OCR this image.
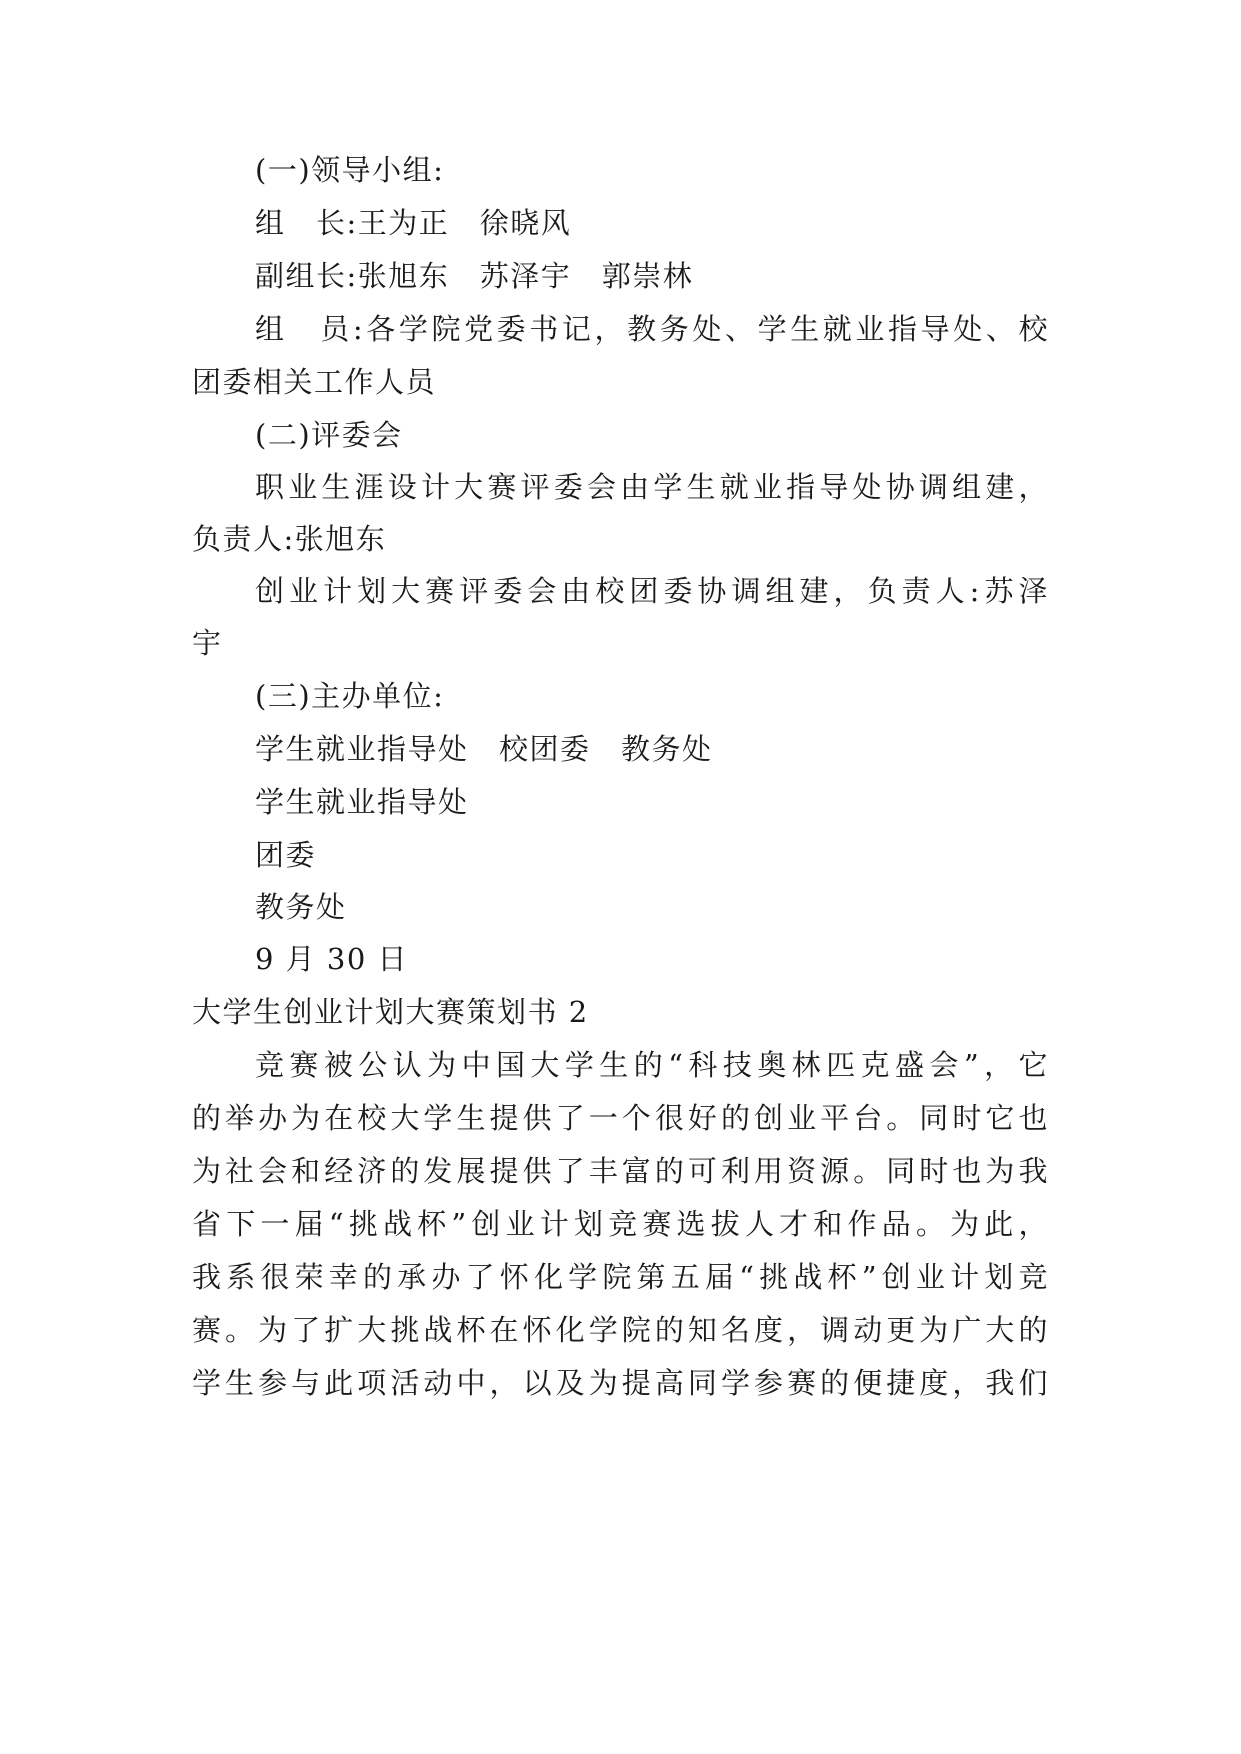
(一)领导小组:
组　长:王为正　徐晓风
副组长:张旭东　苏泽宇　郭崇林
组　员:各学院党委书记，教务处、学生就业指导处、校
团委相关工作人员
(二)评委会
职业生涯设计大赛评委会由学生就业指导处协调组建，
负责人:张旭东
创业计划大赛评委会由校团委协调组建，负责人:苏泽
宇
(三)主办单位:
学生就业指导处　校团委　教务处
学生就业指导处
团委
教务处
9 月 30 日
大学生创业计划大赛策划书 2
竞赛被公认为中国大学生的“科技奥林匹克盛会”，它
的举办为在校大学生提供了一个很好的创业平台。同时它也
为社会和经济的发展提供了丰富的可利用资源。同时也为我
省下一届“挑战杯”创业计划竞赛选拔人才和作品。为此，
我系很荣幸的承办了怀化学院第五届“挑战杯”创业计划竞
赛。为了扩大挑战杯在怀化学院的知名度，调动更为广大的
学生参与此项活动中，以及为提高同学参赛的便捷度，我们
